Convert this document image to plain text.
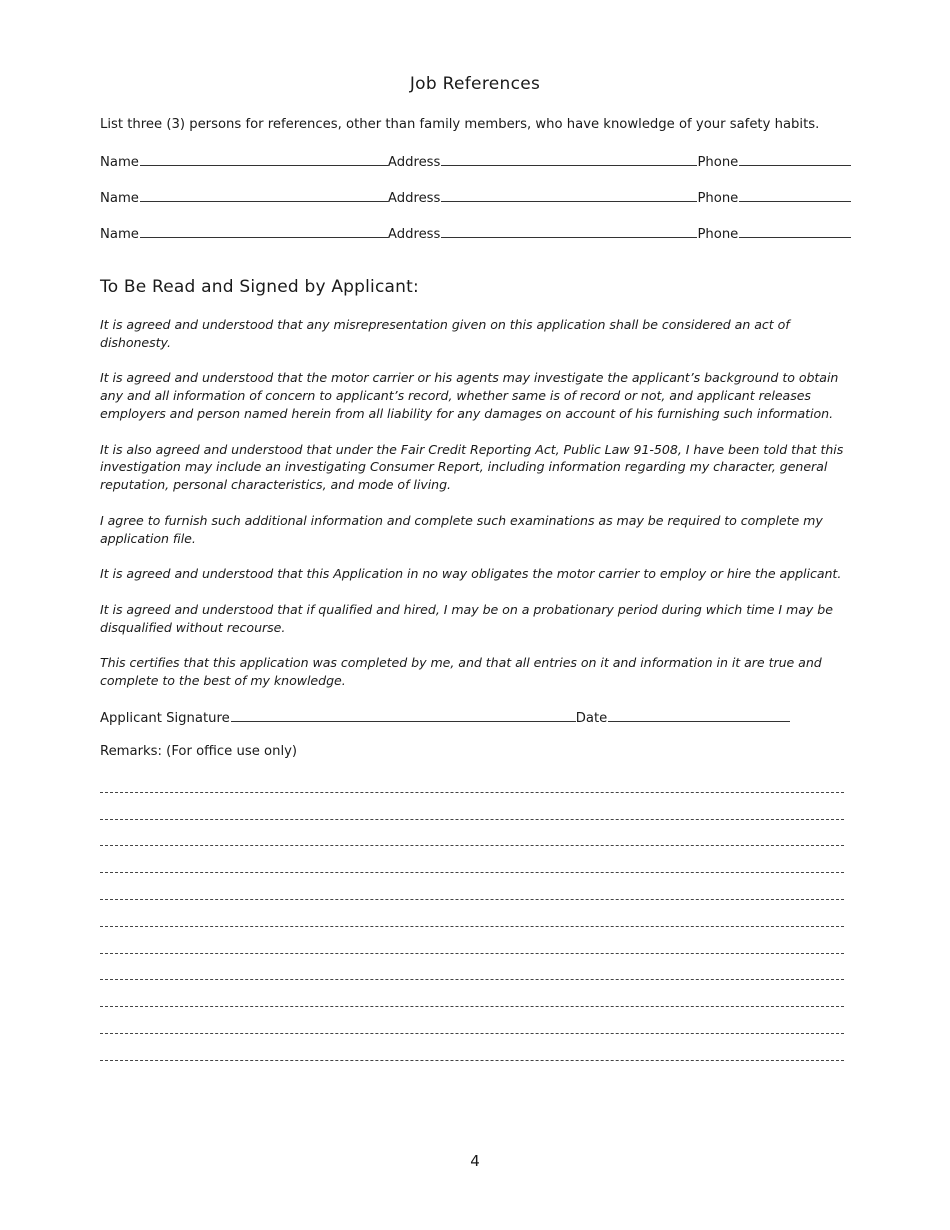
Job References
List three (3) persons for references, other than family members, who have knowledge of your safety habits.
Name	Address	Phone
Name	Address	Phone
Name	Address	Phone
To Be Read and Signed by Applicant:

It is agreed and understood that any misrepresentation given on this application shall be considered an act of dishonesty.

It is agreed and understood that the motor carrier or his agents may investigate the applicant’s background to obtain any and all information of concern to applicant’s record, whether same is of record or not, and applicant releases employers and person named herein from all liability for any damages on account of his furnishing such information.

It is also agreed and understood that under the Fair Credit Reporting Act, Public Law 91-508, I have been told that this investigation may include an investigating Consumer Report, including information regarding my character, general reputation, personal characteristics, and mode of living.

I agree to furnish such additional information and complete such examinations as may be required to complete my application file.

It is agreed and understood that this Application in no way obligates the motor carrier to employ or hire the applicant.

It is agreed and understood that if qualified and hired, I may be on a probationary period during which time I may be disqualified without recourse.

This certifies that this application was completed by me, and that all entries on it and information in it are true and complete to the best of my knowledge.

Applicant Signature	Date
Remarks: (For office use only)
4
